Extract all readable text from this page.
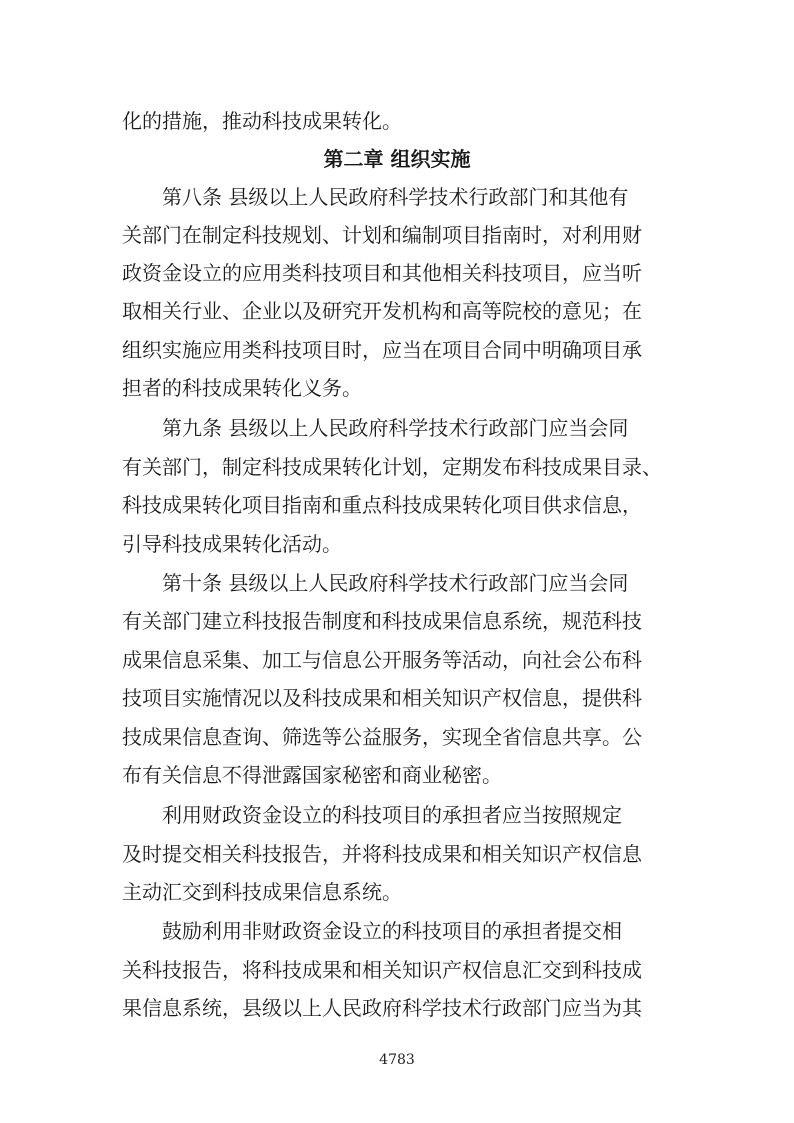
化的措施，推动科技成果转化。
第二章 组织实施
第八条 县级以上人民政府科学技术行政部门和其他有
关部门在制定科技规划、计划和编制项目指南时，对利用财
政资金设立的应用类科技项目和其他相关科技项目，应当听
取相关行业、企业以及研究开发机构和高等院校的意见；在
组织实施应用类科技项目时，应当在项目合同中明确项目承
担者的科技成果转化义务。
第九条 县级以上人民政府科学技术行政部门应当会同
有关部门，制定科技成果转化计划，定期发布科技成果目录、
科技成果转化项目指南和重点科技成果转化项目供求信息，
引导科技成果转化活动。
第十条 县级以上人民政府科学技术行政部门应当会同
有关部门建立科技报告制度和科技成果信息系统，规范科技
成果信息采集、加工与信息公开服务等活动，向社会公布科
技项目实施情况以及科技成果和相关知识产权信息，提供科
技成果信息查询、筛选等公益服务，实现全省信息共享。公
布有关信息不得泄露国家秘密和商业秘密。
利用财政资金设立的科技项目的承担者应当按照规定
及时提交相关科技报告，并将科技成果和相关知识产权信息
主动汇交到科技成果信息系统。
鼓励利用非财政资金设立的科技项目的承担者提交相
关科技报告，将科技成果和相关知识产权信息汇交到科技成
果信息系统，县级以上人民政府科学技术行政部门应当为其
4783
